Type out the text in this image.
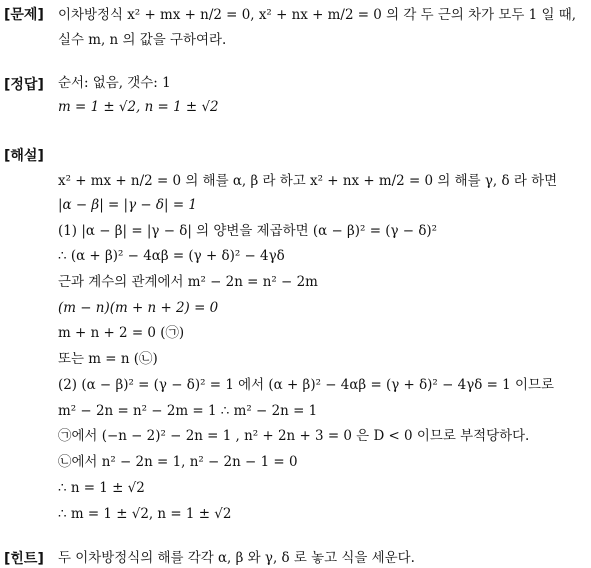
[문제] 이차방정식 x² + mx + n/2 = 0, x² + nx + m/2 = 0 의 각 두 근의 차가 모두 1 일 때,
실수 m, n 의 값을 구하여라.
[정답] 순서: 없음, 갯수: 1
m = 1 ± √2, n = 1 ± √2
[해설]
x² + mx + n/2 = 0 의 해를 α, β 라 하고 x² + nx + m/2 = 0 의 해를 γ, δ 라 하면
|α − β| = |γ − δ| = 1
(1) |α − β| = |γ − δ| 의 양변을 제곱하면 (α − β)² = (γ − δ)²
∴ (α + β)² − 4αβ = (γ + δ)² − 4γδ
근과 계수의 관계에서 m² − 2n = n² − 2m
(m − n)(m + n + 2) = 0
m + n + 2 = 0 (㉠)
또는 m = n (㉡)
(2) (α − β)² = (γ − δ)² = 1 에서 (α + β)² − 4αβ = (γ + δ)² − 4γδ = 1 이므로
m² − 2n = n² − 2m = 1 ∴ m² − 2n = 1
㉠에서 (−n − 2)² − 2n = 1 , n² + 2n + 3 = 0 은 D < 0 이므로 부적당하다.
㉡에서 n² − 2n = 1, n² − 2n − 1 = 0
∴ n = 1 ± √2
∴ m = 1 ± √2, n = 1 ± √2
[힌트] 두 이차방정식의 해를 각각 α, β 와 γ, δ 로 놓고 식을 세운다.
